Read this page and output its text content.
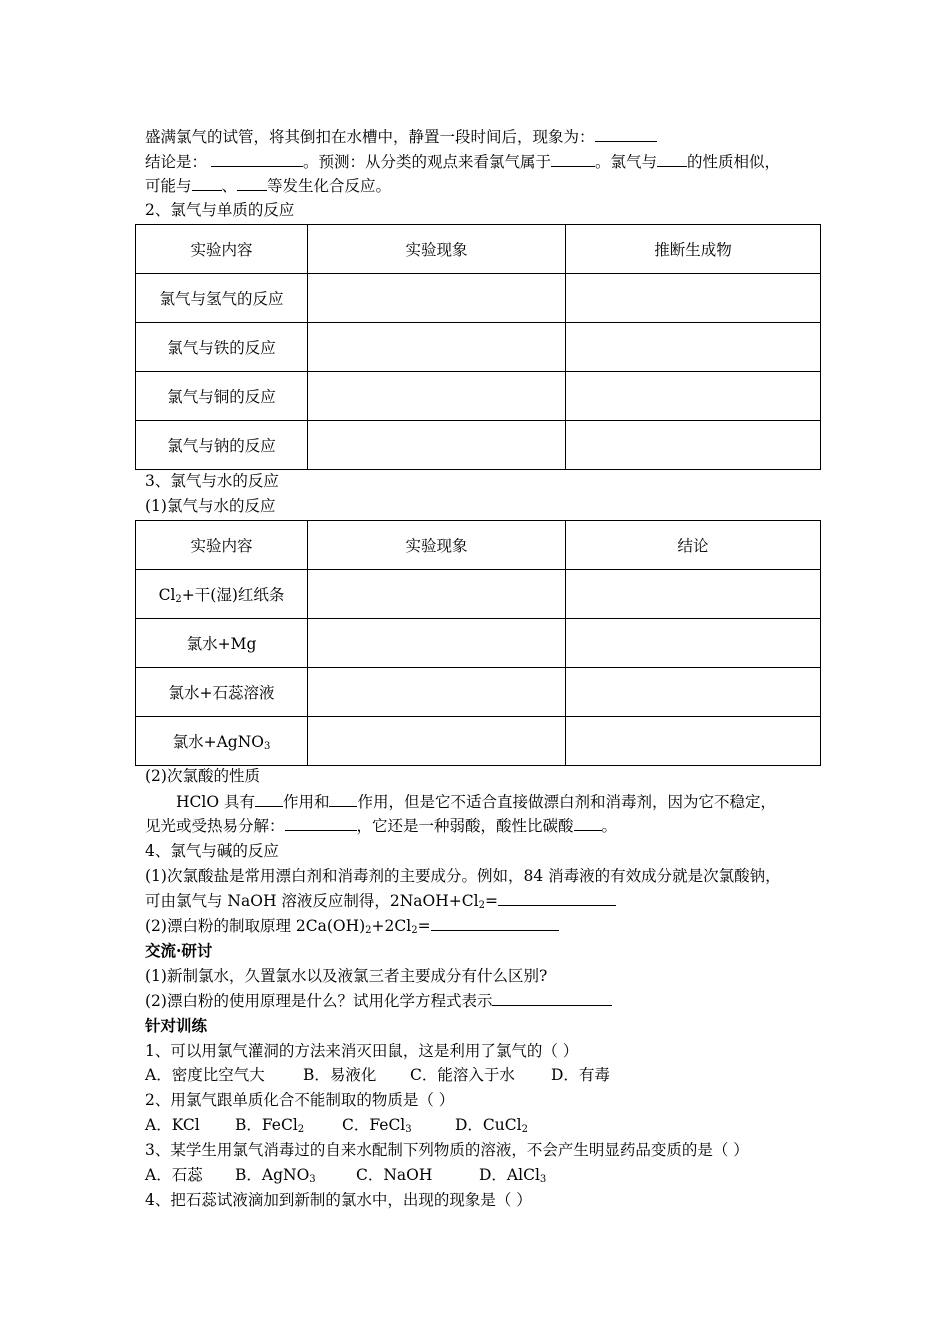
盛满氯气的试管，将其倒扣在水槽中，静置一段时间后，现象为：
结论是：	。预测：从分类的观点来看氯气属于	。氯气与 的性质相似，
可能与 、 等发生化合反应。
2、氯气与单质的反应
实验内容	实验现象	推断生成物
氯气与氢气的反应		
氯气与铁的反应		
氯气与铜的反应		
氯气与钠的反应		
3、氯气与水的反应
(1)氯气与水的反应
实验内容	实验现象	结论
$Cl_2+$干(湿)红纸条		
氯水+Mg		
氯水+石蕊溶液		
氯水+AgNO$_3$		
(2)次氯酸的性质
HClO 具有 作用和 作用，但是它不适合直接做漂白剂和消毒剂，因为它不稳定，
见光或受热易分解：	，它还是一种弱酸，酸性比碳酸 。
4、氯气与碱的反应
(1)次氯酸盐是常用漂白剂和消毒剂的主要成分。例如，84 消毒液的有效成分就是次氯酸钠，
可由氯气与 NaOH 溶液反应制得，$2NaOH+Cl_2=$
(2)漂白粉的制取原理 $2Ca(OH)_2+2Cl_2=$
交流·研讨
(1)新制氯水，久置氯水以及液氯三者主要成分有什么区别?
(2)漂白粉的使用原理是什么？试用化学方程式表示
针对训练
1、可以用氯气灌洞的方法来消灭田鼠，这是利用了氯气的（ ）
A．密度比空气大 B．易液化 C．能溶入于水 D．有毒
2、用氯气跟单质化合不能制取的物质是（ ）
A．KCl B．FeCl$_2$ C．FeCl$_3$	D．CuCl$_2$
3、某学生用氯气消毒过的自来水配制下列物质的溶液，不会产生明显药品变质的是（ ）
A．石蕊 B．AgNO$_3$	C．NaOH	D．AlCl$_3$
4、把石蕊试液滴加到新制的氯水中，出现的现象是（ ）
